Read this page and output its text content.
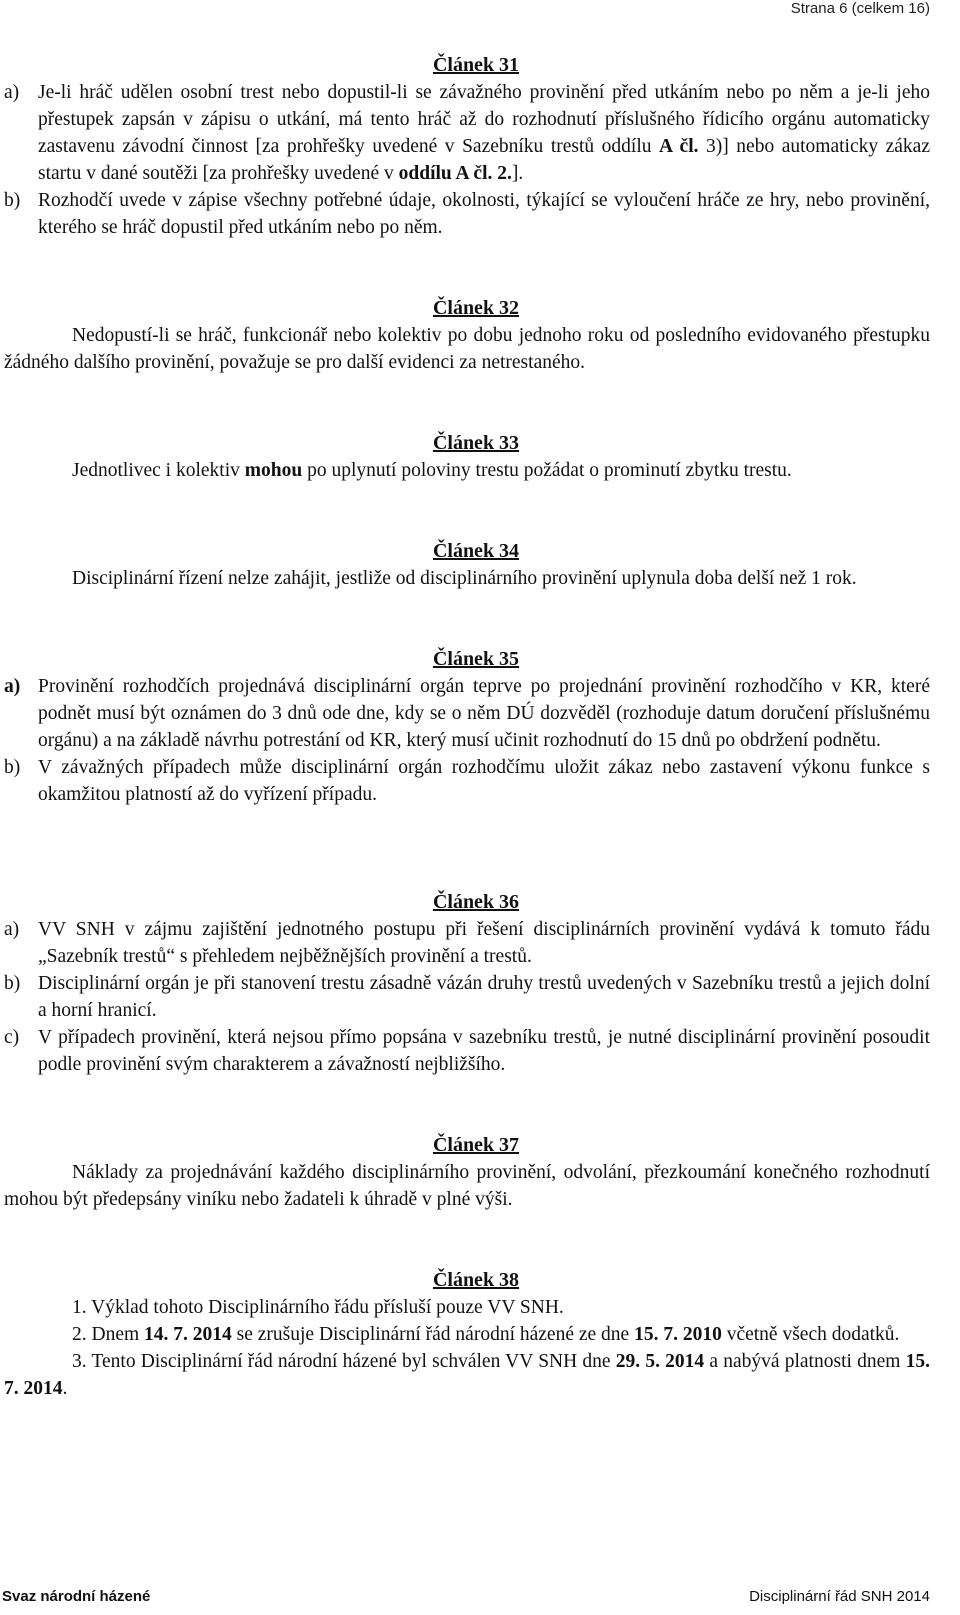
Strana 6 (celkem 16)

Článek 31

a) Je-li hráč udělen osobní trest nebo dopustil-li se závažného provinění před utkáním nebo po něm a je-li jeho přestupek zapsán v zápisu o utkání, má tento hráč až do rozhodnutí příslušného řídicího orgánu automaticky zastavenu závodní činnost [za prohřešky uvedené v Sazebníku trestů oddílu A čl. 3)] nebo automaticky zákaz startu v dané soutěži [za prohřešky uvedené v oddílu A čl. 2.].
b) Rozhodčí uvede v zápise všechny potřebné údaje, okolnosti, týkající se vyloučení hráče ze hry, nebo provinění, kterého se hráč dopustil před utkáním nebo po něm.

Článek 32

Nedopustí-li se hráč, funkcionář nebo kolektiv po dobu jednoho roku od posledního evidovaného přestupku žádného dalšího provinění, považuje se pro další evidenci za netrestaného.

Článek 33

Jednotlivec i kolektiv mohou po uplynutí poloviny trestu požádat o prominutí zbytku trestu.

Článek 34

Disciplinární řízení nelze zahájit, jestliže od disciplinárního provinění uplynula doba delší než 1 rok.

Článek 35

a) Provinění rozhodčích projednává disciplinární orgán teprve po projednání provinění rozhodčího v KR, které podnět musí být oznámen do 3 dnů ode dne, kdy se o něm DÚ dozvěděl (rozhoduje datum doručení příslušnému orgánu) a na základě návrhu potrestání od KR, který musí učinit rozhodnutí do 15 dnů po obdržení podnětu.
b) V závažných případech může disciplinární orgán rozhodčímu uložit zákaz nebo zastavení výkonu funkce s okamžitou platností až do vyřízení případu.

Článek 36

a) VV SNH v zájmu zajištění jednotného postupu při řešení disciplinárních provinění vydává k tomuto řádu „Sazebník trestů“ s přehledem nejběžnějších provinění a trestů.
b) Disciplinární orgán je při stanovení trestu zásadně vázán druhy trestů uvedených v Sazebníku trestů a jejich dolní a horní hranicí.
c) V případech provinění, která nejsou přímo popsána v sazebníku trestů, je nutné disciplinární provinění posoudit podle provinění svým charakterem a závažností nejbližšího.

Článek 37

Náklady za projednávání každého disciplinárního provinění, odvolání, přezkoumání konečného rozhodnutí mohou být předepsány viníku nebo žadateli k úhradě v plné výši.

Článek 38

1. Výklad tohoto Disciplinárního řádu přísluší pouze VV SNH.

2. Dnem 14. 7. 2014 se zrušuje Disciplinární řád národní házené ze dne 15. 7. 2010 včetně všech dodatků.

3. Tento Disciplinární řád národní házené byl schválen VV SNH dne 29. 5. 2014 a nabývá platnosti dnem 15. 7. 2014.

Svaz národní házené	Disciplinární řád SNH 2014
